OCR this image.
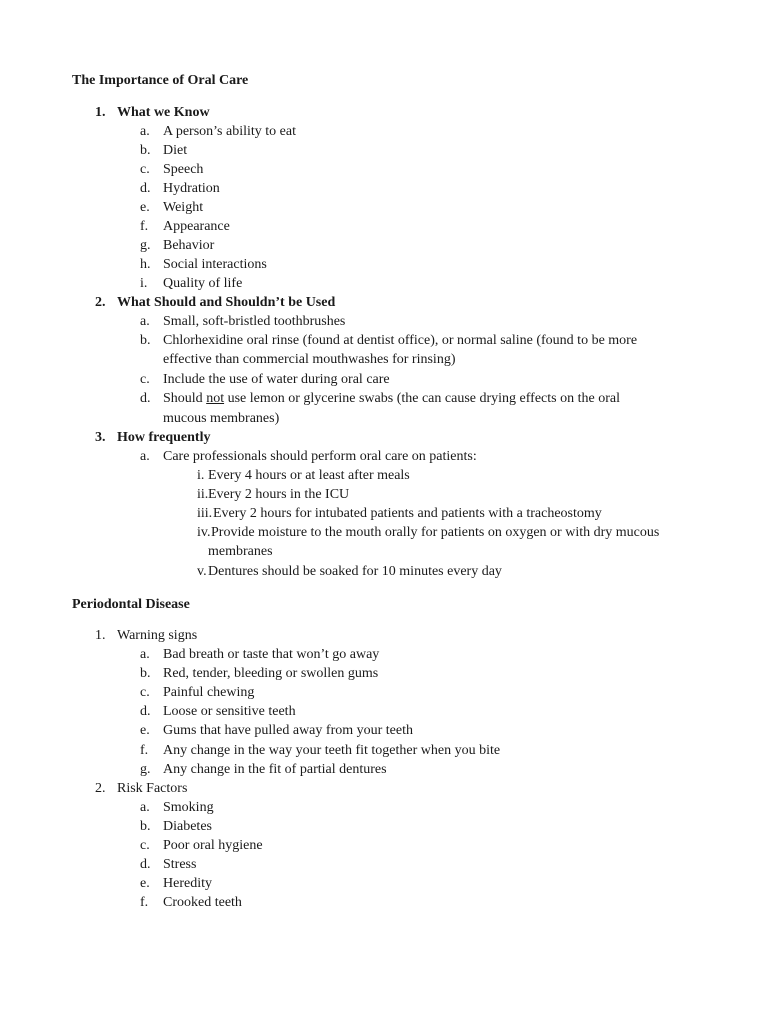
The Importance of Oral Care
1. What we Know
a. A person’s ability to eat
b. Diet
c. Speech
d. Hydration
e. Weight
f. Appearance
g. Behavior
h. Social interactions
i. Quality of life
2. What Should and Shouldn’t be Used
a. Small, soft-bristled toothbrushes
b. Chlorhexidine oral rinse (found at dentist office), or normal saline (found to be more
effective than commercial mouthwashes for rinsing)
c. Include the use of water during oral care
d. Should not use lemon or glycerine swabs (the can cause drying effects on the oral
mucous membranes)
3. How frequently
a. Care professionals should perform oral care on patients:
i. Every 4 hours or at least after meals
ii. Every 2 hours in the ICU
iii. Every 2 hours for intubated patients and patients with a tracheostomy
iv. Provide moisture to the mouth orally for patients on oxygen or with dry mucous
membranes
v. Dentures should be soaked for 10 minutes every day
Periodontal Disease
1. Warning signs
a. Bad breath or taste that won’t go away
b. Red, tender, bleeding or swollen gums
c. Painful chewing
d. Loose or sensitive teeth
e. Gums that have pulled away from your teeth
f. Any change in the way your teeth fit together when you bite
g. Any change in the fit of partial dentures
2. Risk Factors
a. Smoking
b. Diabetes
c. Poor oral hygiene
d. Stress
e. Heredity
f. Crooked teeth
